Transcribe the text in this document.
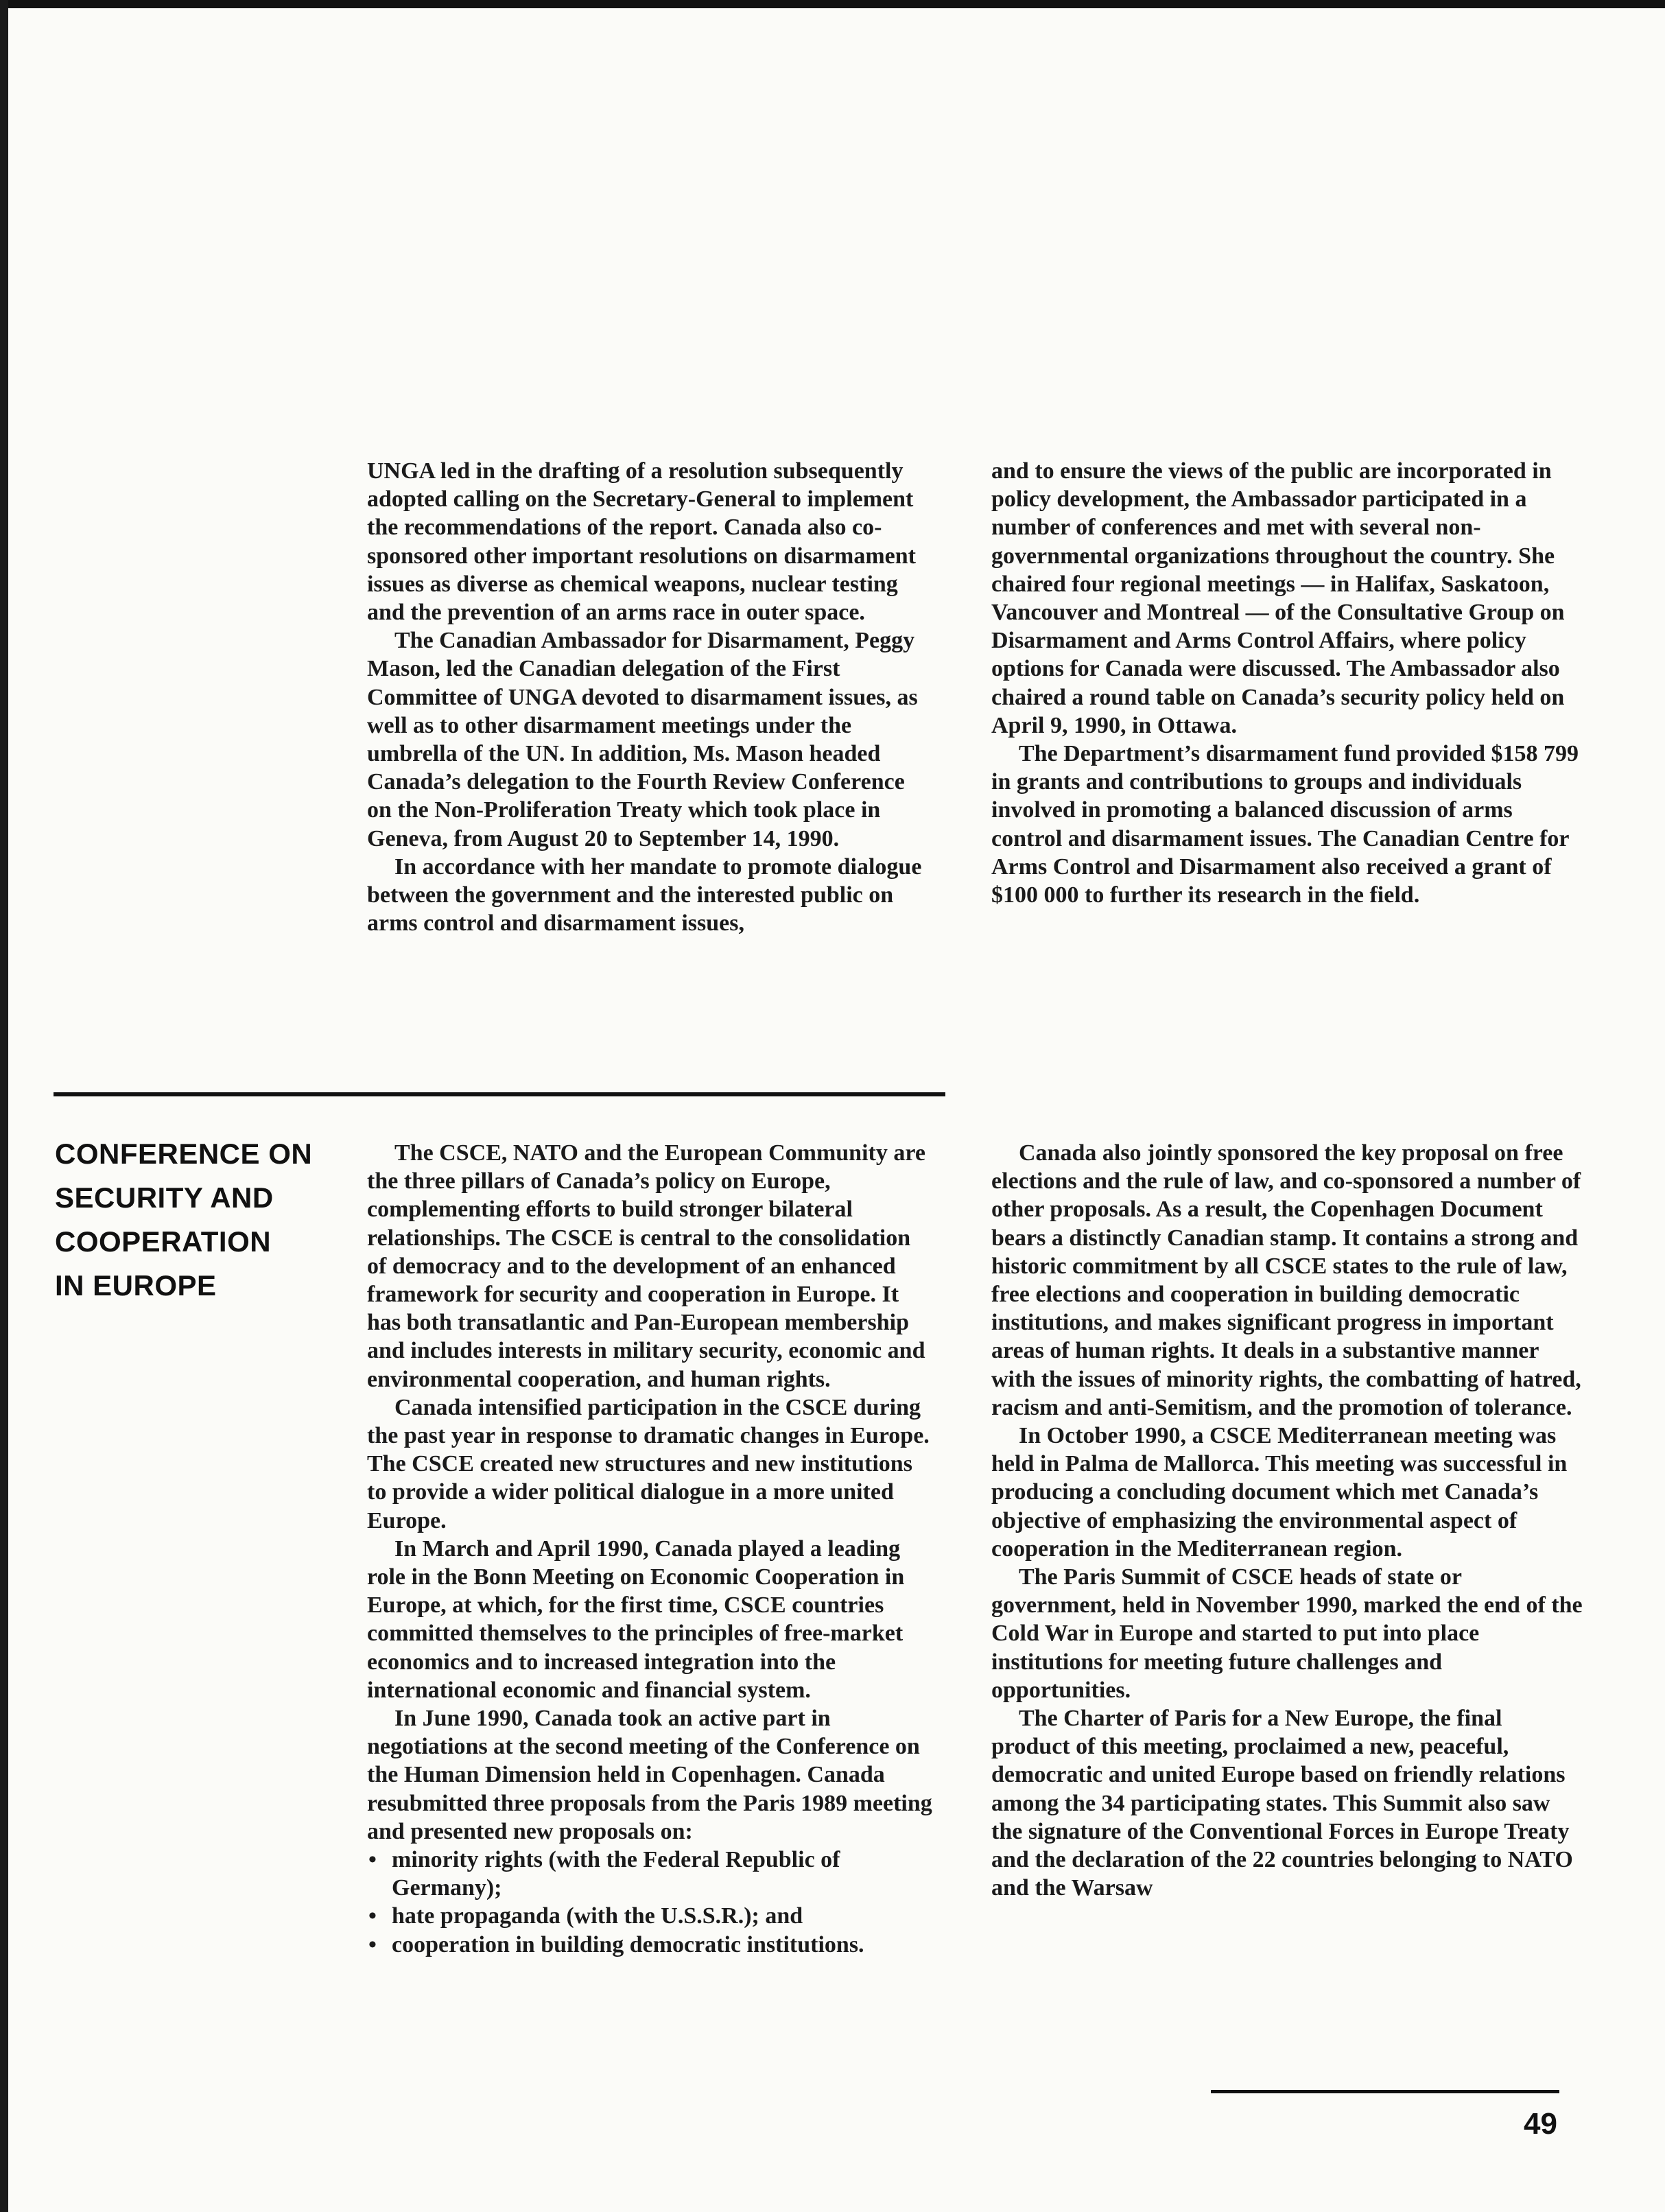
UNGA led in the drafting of a resolution subsequently adopted calling on the Secretary-General to implement the recommendations of the report. Canada also co-sponsored other important resolutions on disarmament issues as diverse as chemical weapons, nuclear testing and the prevention of an arms race in outer space.

The Canadian Ambassador for Disarmament, Peggy Mason, led the Canadian delegation of the First Committee of UNGA devoted to disarmament issues, as well as to other disarmament meetings under the umbrella of the UN. In addition, Ms. Mason headed Canada’s delegation to the Fourth Review Conference on the Non-Proliferation Treaty which took place in Geneva, from August 20 to September 14, 1990.

In accordance with her mandate to promote dialogue between the government and the interested public on arms control and disarmament issues,

and to ensure the views of the public are incorporated in policy development, the Ambassador participated in a number of conferences and met with several non-governmental organizations throughout the country. She chaired four regional meetings — in Halifax, Saskatoon, Vancouver and Montreal — of the Consultative Group on Disarmament and Arms Control Affairs, where policy options for Canada were discussed. The Ambassador also chaired a round table on Canada’s security policy held on April 9, 1990, in Ottawa.

The Department’s disarmament fund provided $158 799 in grants and contributions to groups and individuals involved in promoting a balanced discussion of arms control and disarmament issues. The Canadian Centre for Arms Control and Disarmament also received a grant of $100 000 to further its research in the field.

CONFERENCE ON
SECURITY AND
COOPERATION
IN EUROPE

The CSCE, NATO and the European Community are the three pillars of Canada’s policy on Europe, complementing efforts to build stronger bilateral relationships. The CSCE is central to the consolidation of democracy and to the development of an enhanced framework for security and cooperation in Europe. It has both transatlantic and Pan-European membership and includes interests in military security, economic and environmental cooperation, and human rights.

Canada intensified participation in the CSCE during the past year in response to dramatic changes in Europe. The CSCE created new structures and new institutions to provide a wider political dialogue in a more united Europe.

In March and April 1990, Canada played a leading role in the Bonn Meeting on Economic Cooperation in Europe, at which, for the first time, CSCE countries committed themselves to the principles of free-market economics and to increased integration into the international economic and financial system.

In June 1990, Canada took an active part in negotiations at the second meeting of the Conference on the Human Dimension held in Copenhagen. Canada resubmitted three proposals from the Paris 1989 meeting and presented new proposals on:

• minority rights (with the Federal Republic of Germany);
• hate propaganda (with the U.S.S.R.); and
• cooperation in building democratic institutions.

Canada also jointly sponsored the key proposal on free elections and the rule of law, and co-sponsored a number of other proposals. As a result, the Copenhagen Document bears a distinctly Canadian stamp. It contains a strong and historic commitment by all CSCE states to the rule of law, free elections and cooperation in building democratic institutions, and makes significant progress in important areas of human rights. It deals in a substantive manner with the issues of minority rights, the combatting of hatred, racism and anti-Semitism, and the promotion of tolerance.

In October 1990, a CSCE Mediterranean meeting was held in Palma de Mallorca. This meeting was successful in producing a concluding document which met Canada’s objective of emphasizing the environmental aspect of cooperation in the Mediterranean region.

The Paris Summit of CSCE heads of state or government, held in November 1990, marked the end of the Cold War in Europe and started to put into place institutions for meeting future challenges and opportunities.

The Charter of Paris for a New Europe, the final product of this meeting, proclaimed a new, peaceful, democratic and united Europe based on friendly relations among the 34 participating states. This Summit also saw the signature of the Conventional Forces in Europe Treaty and the declaration of the 22 countries belonging to NATO and the Warsaw

49
